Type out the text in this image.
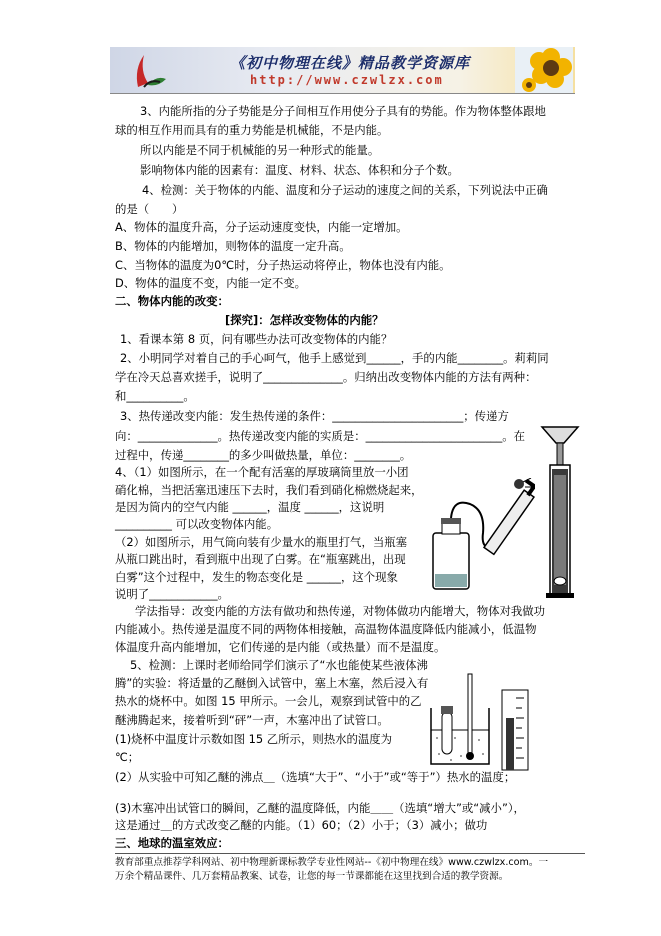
《初中物理在线》精品教学资源库
http://www.czwlzx.com
3、内能所指的分子势能是分子间相互作用使分子具有的势能。作为物体整体跟地
球的相互作用而具有的重力势能是机械能，不是内能。
所以内能是不同于机械能的另一种形式的能量。
影响物体内能的因素有：温度、材料、状态、体积和分子个数。
4、检测：关于物体的内能、温度和分子运动的速度之间的关系，下列说法中正确
的是（　　）
A、物体的温度升高，分子运动速度变快，内能一定增加。
B、物体的内能增加，则物体的温度一定升高。
C、当物体的温度为0℃时，分子热运动将停止，物体也没有内能。
D、物体的温度不变，内能一定不变。
二、物体内能的改变：
[探究]：怎样改变物体的内能？
1、看课本第 8 页，问有哪些办法可改变物体的内能？
2、小明同学对着自己的手心呵气，他手上感觉到______，手的内能________。莉莉同
学在冷天总喜欢搓手，说明了______________。归纳出改变物体内能的方法有两种：
和__________。
3、热传递改变内能：发生热传递的条件：_______________________；传递方
向：______________。热传递改变内能的实质是：________________________。在
过程中，传递________的多少叫做热量，单位：________。
4、（1）如图所示，在一个配有活塞的厚玻璃筒里放一小团
硝化棉，当把活塞迅速压下去时，我们看到硝化棉燃烧起来，
是因为筒内的空气内能 ______，温度 ______，这说明
__________ 可以改变物体内能。
（2）如图所示，用气筒向装有少量水的瓶里打气，当瓶塞
从瓶口跳出时，看到瓶中出现了白雾。在“瓶塞跳出，出现
白雾”这个过程中，发生的物态变化是 ______，这个现象
说明了____________。
学法指导：改变内能的方法有做功和热传递，对物体做功内能增大，物体对我做功
内能减小。热传递是温度不同的两物体相接触，高温物体温度降低内能减小，低温物
体温度升高内能增加，它们传递的是内能（或热量）而不是温度。
5、检测：上课时老师给同学们演示了“水也能使某些液体沸
腾”的实验：将适量的乙醚倒入试管中，塞上木塞，然后浸入有
热水的烧杯中。如图 15 甲所示。一会儿，观察到试管中的乙
醚沸腾起来，接着听到“砰”一声，木塞冲出了试管口。
(1)烧杯中温度计示数如图 15 乙所示，则热水的温度为
℃；
(2）从实验中可知乙醚的沸点＿（选填“大于”、“小于”或“等于”）热水的温度；
(3)木塞冲出试管口的瞬间，乙醚的温度降低，内能＿＿（选填“增大”或“减小”），
这是通过＿的方式改变乙醚的内能。（1）60；（2）小于；（3）减小；做功
三、地球的温室效应：
教育部重点推荐学科网站、初中物理新课标教学专业性网站--《初中物理在线》www.czwlzx.com。一
万余个精品课件、几万套精品教案、试卷，让您的每一节课都能在这里找到合适的教学资源。
